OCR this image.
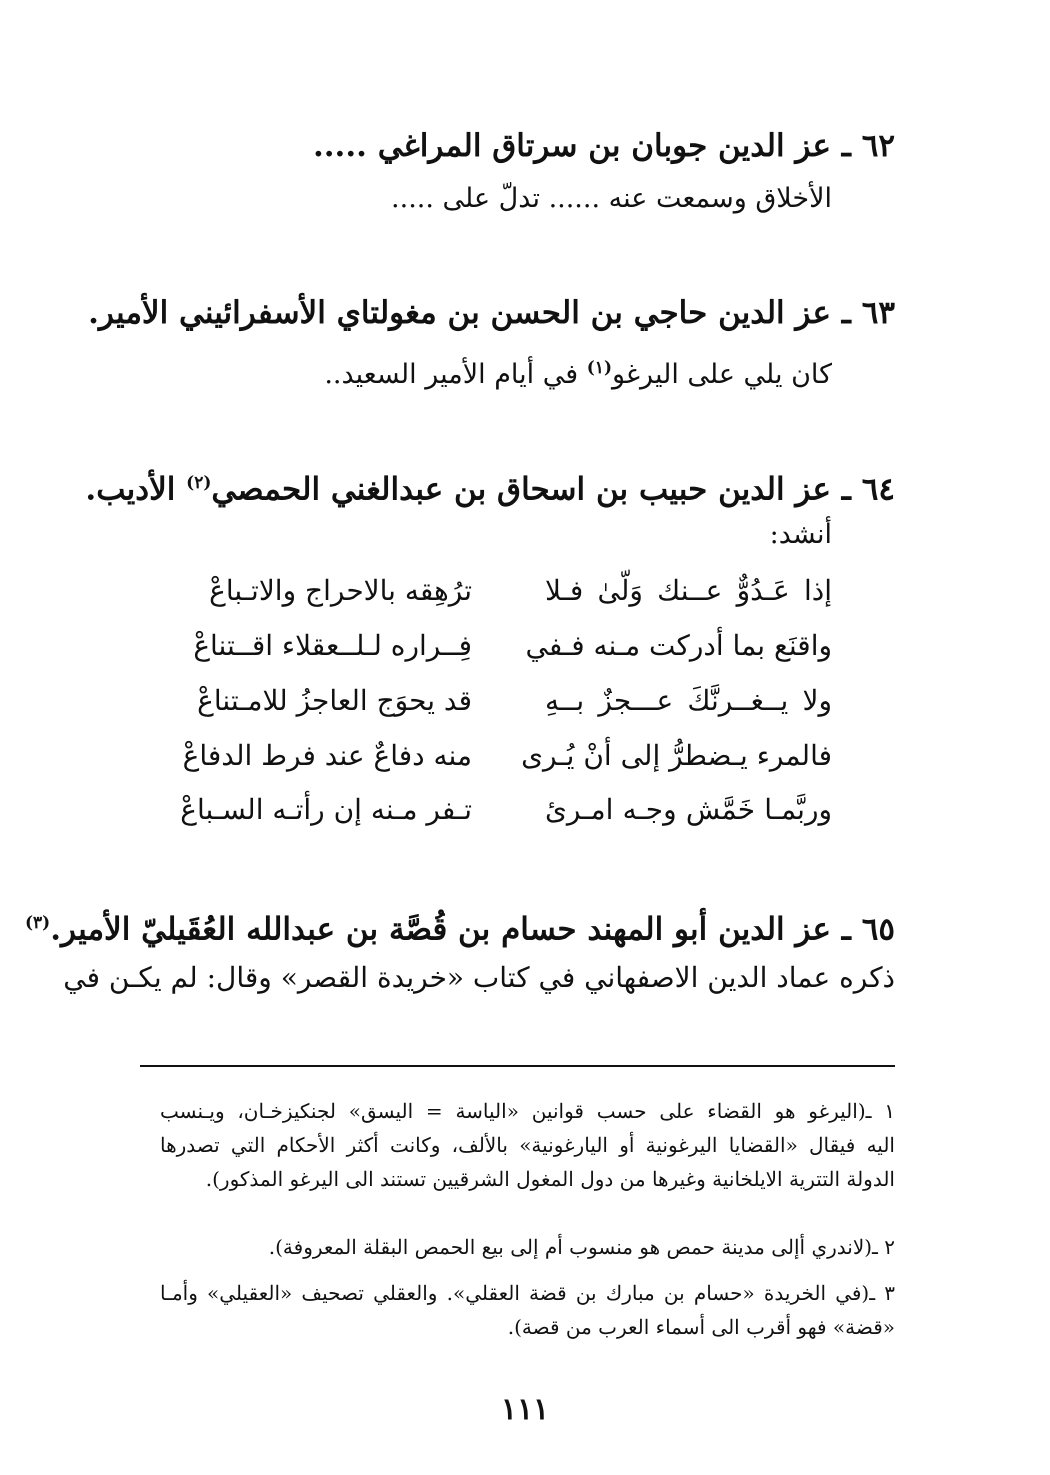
٦٢ ـ عز الدين جوبان بن سرتاق المراغي .....
الأخلاق وسمعت عنه ...... تدلّ على .....
٦٣ ـ عز الدين حاجي بن الحسن بن مغولتاي الأسفرائيني الأمير.
كان يلي على اليرغو$^{(١)}$ في أيام الأمير السعيد..
٦٤ ـ عز الدين حبيب بن اسحاق بن عبدالغني الحمصي$^{(٢)}$ الأديب.
أنشد:
إذا عَـدُوٌّ عــنك وَلّىٰ فـلا
ترُهِقه بالاحراج والاتـباعْ
واقنَع بما أدركت مـنه فـفي
فِــراره لـلــعقلاء اقــتناعْ
ولا يــغــرنَّكَ عـــجزٌ بــهِ
قد يحوَج العاجزُ للامـتناعْ
فالمرء يـضطرُّ إلى أنْ يُـرى
منه دفاعٌ عند فرط الدفاعْ
وربَّمـا خَمَّش وجـه امـرئ
تـفر مـنه إن رأتـه السـباعْ
٦٥ ـ عز الدين أبو المهند حسام بن قُصَّة بن عبدالله العُقَيليّ الأمير.$^{(٣)}$
ذكره عماد الدين الاصفهاني في كتاب «خريدة القصر» وقال: لم يكـن في
١ ـ(اليرغو هو القضاء على حسب قوانين «الياسة = اليسق» لجنكيزخـان، ويـنسب
اليه فيقال «القضايا اليرغونية أو اليارغونية» بالألف، وكانت أكثر الأحكام التي تصدرها
الدولة التترية الايلخانية وغيرها من دول المغول الشرقيين تستند الى اليرغو المذكور).
٢ ـ(لاندري أإلى مدينة حمص هو منسوب أم إلى بيع الحمص البقلة المعروفة).
٣ ـ(في الخريدة «حسام بن مبارك بن قضة العقلي». والعقلي تصحيف «العقيلي» وأمـا
«قضة» فهو أقرب الى أسماء العرب من قصة).
١١١
